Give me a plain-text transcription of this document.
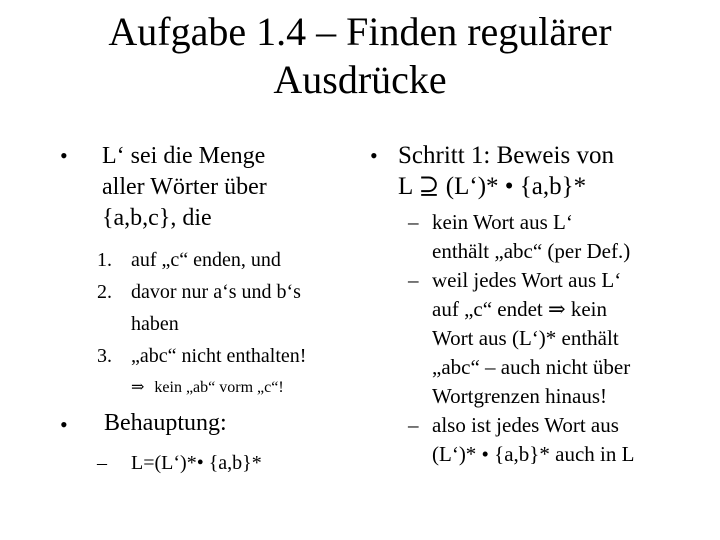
Aufgabe 1.4 – Finden regulärer
Ausdrücke
• L‘ sei die Menge
aller Wörter über
{a,b,c}, die
1. auf „c“ enden, und
2. davor nur a‘s und b‘s
haben
3. „abc“ nicht enthalten!
⇒ kein „ab“ vorm „c“!
• Behauptung:
– L=(L‘)*• {a,b}*
• Schritt 1: Beweis von
L ⊇ (L‘)* • {a,b}*
– kein Wort aus L‘
enthält „abc“ (per Def.)
– weil jedes Wort aus L‘
auf „c“ endet ⇒ kein
Wort aus (L‘)* enthält
„abc“ – auch nicht über
Wortgrenzen hinaus!
– also ist jedes Wort aus
(L‘)* • {a,b}* auch in L
